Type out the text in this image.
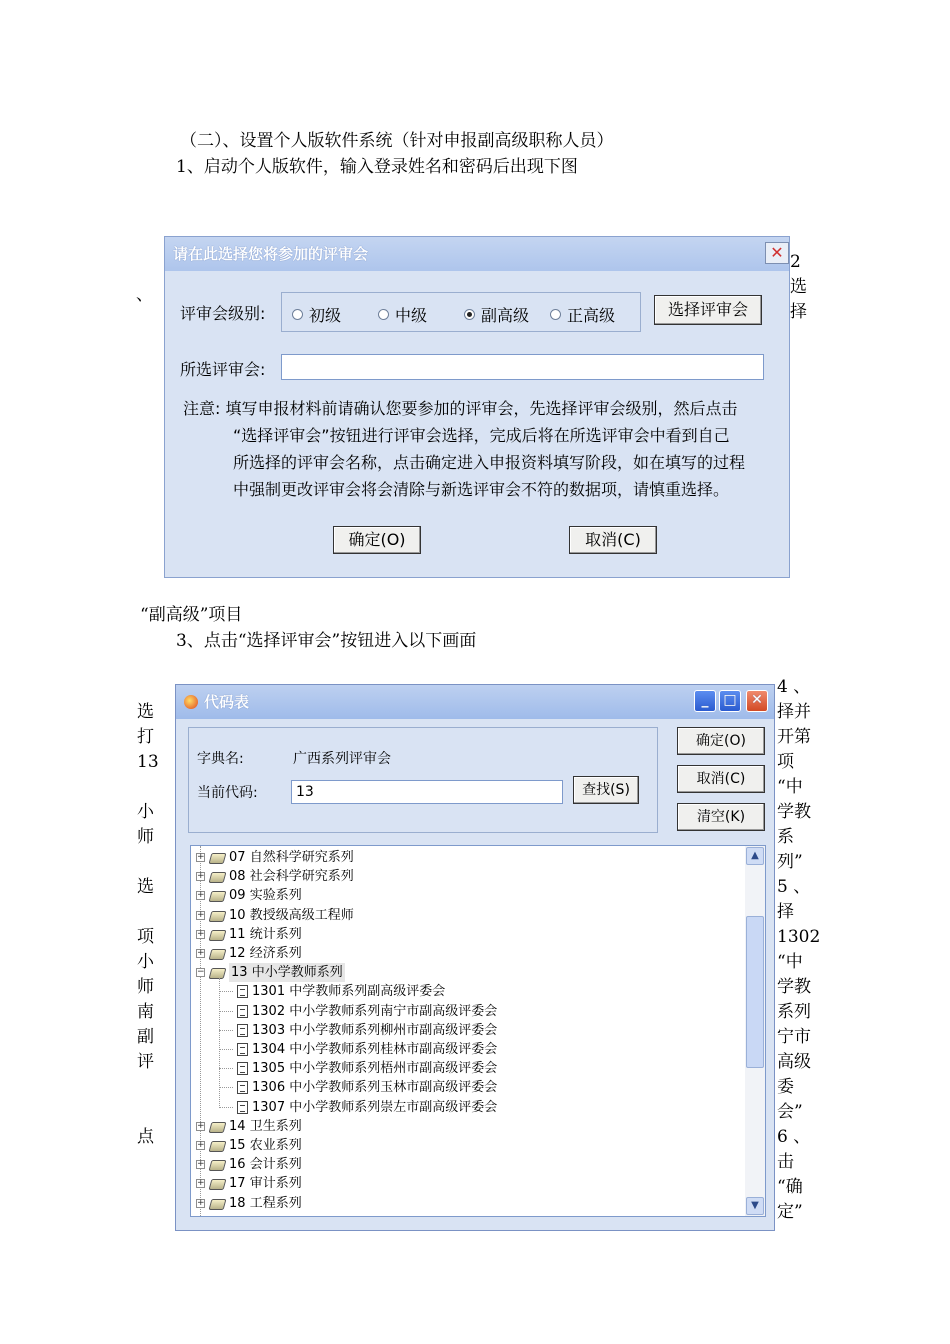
（二）、设置个人版软件系统（针对申报副高级职称人员）
1、启动个人版软件，输入登录姓名和密码后出现下图
、
2
选
择
“副高级”项目
3、点击“选择评审会”按钮进入以下画面
选
打
13

小
师

选

项
小
师
南
副
评

点
4 、
择并
开第
项
“中
学教
系
列”
5 、
择
1302
“中
学教
系列
宁市
高级
委
会”
6 、
击
“确
定”
请在此选择您将参加的评审会	✕
评审会级别:	初级	中级	副高级 正高级	选择评审会
所选评审会:
注意: 填写申报材料前请确认您要参加的评审会，先选择评审会级别，然后点击
“选择评审会”按钮进行评审会选择，完成后将在所选评审会中看到自己
所选择的评审会名称，点击确定进入申报资料填写阶段，如在填写的过程
中强制更改评审会将会清除与新选评审会不符的数据项，请慎重选择。
确定(O)	取消(C)
代码表	_	□	✕
字典名:	广西系列评审会
当前代码:	13	查找(S)
确定(O)
取消(C)
清空(K)
▲
▼
+ 07 自然科学研究系列
+ 08 社会科学研究系列
+ 09 实验系列
+ 10 教授级高级工程师
+ 11 统计系列
+ 12 经济系列
− 13 中小学教师系列
1301 中学教师系列副高级评委会
1302 中小学教师系列南宁市副高级评委会
1303 中小学教师系列柳州市副高级评委会
1304 中小学教师系列桂林市副高级评委会
1305 中小学教师系列梧州市副高级评委会
1306 中小学教师系列玉林市副高级评委会
1307 中小学教师系列崇左市副高级评委会
+ 14 卫生系列
+ 15 农业系列
+ 16 会计系列
+ 17 审计系列
+ 18 工程系列
